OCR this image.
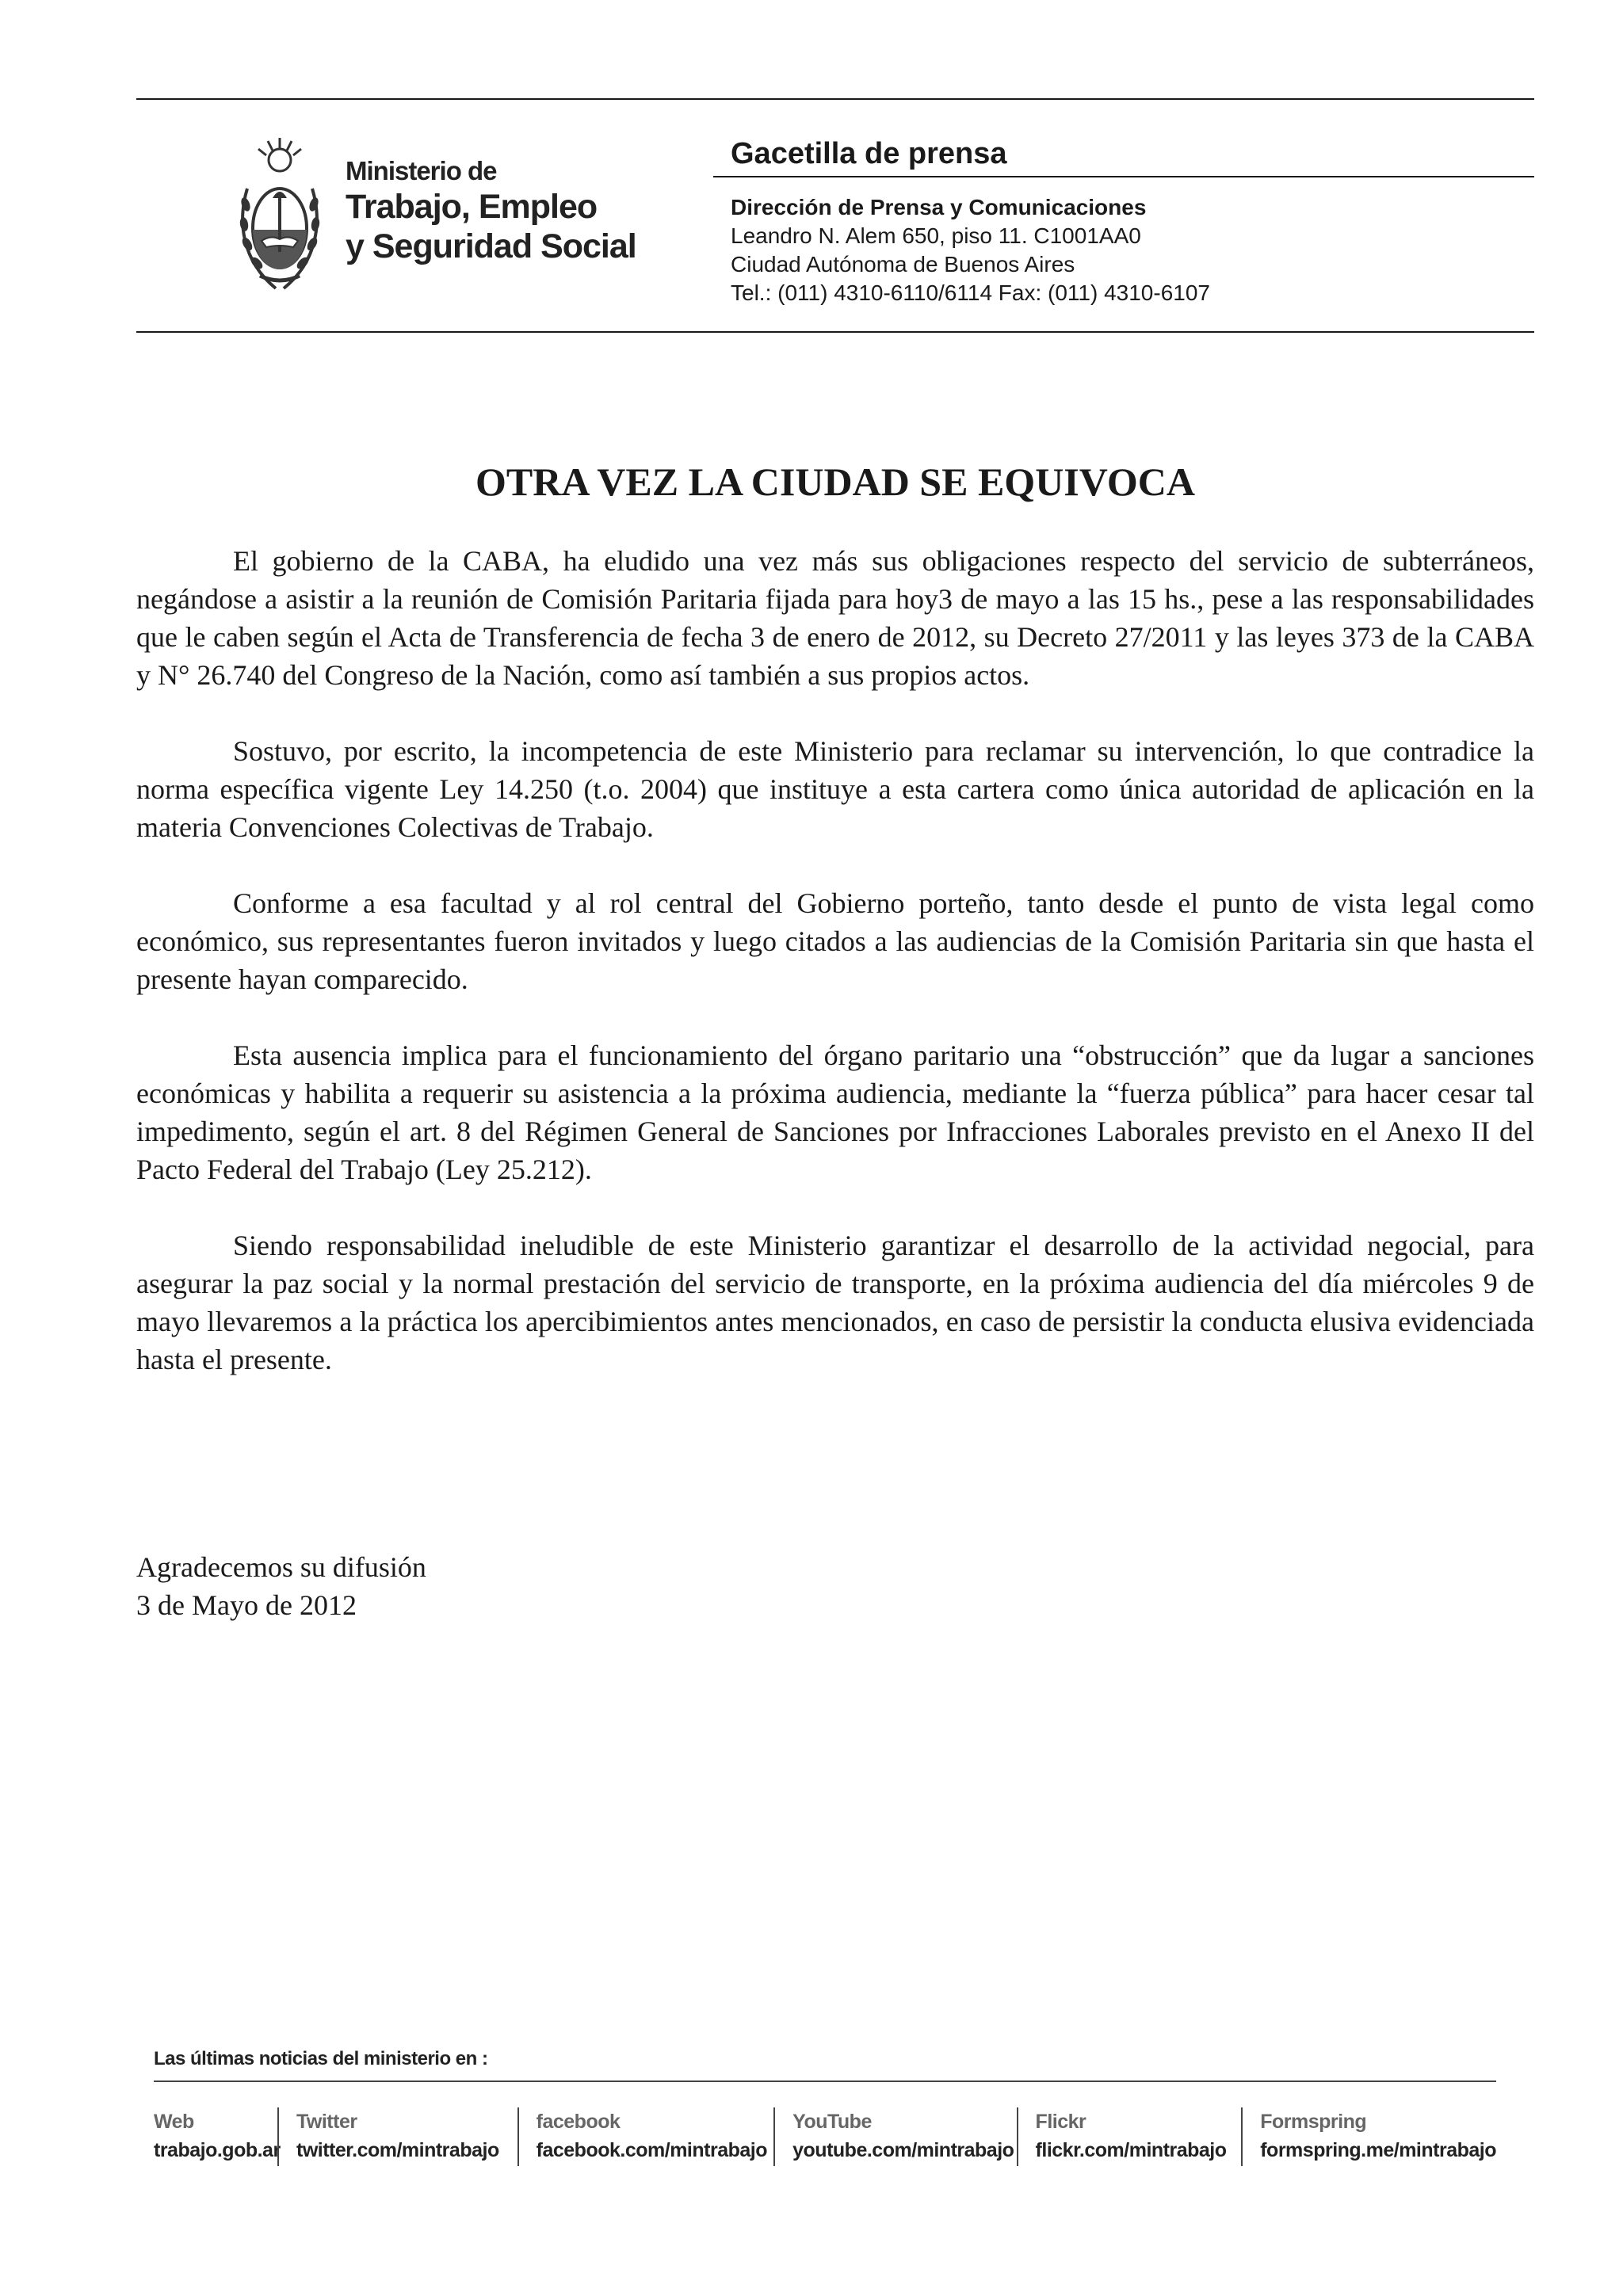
Ministerio de
Trabajo, Empleo
y Seguridad Social
Gacetilla de prensa
Dirección de Prensa y Comunicaciones
Leandro N. Alem 650, piso 11. C1001AA0
Ciudad Autónoma de Buenos Aires
Tel.: (011) 4310-6110/6114 Fax: (011) 4310-6107
OTRA VEZ LA CIUDAD SE EQUIVOCA

El gobierno de la CABA, ha eludido una vez más sus obligaciones respecto del servicio de subterráneos, negándose a asistir a la reunión de Comisión Paritaria fijada para hoy3 de mayo a las 15 hs., pese a las responsabilidades que le caben según el Acta de Transferencia de fecha 3 de enero de 2012, su Decreto 27/2011 y las leyes 373 de la CABA y N° 26.740 del Congreso de la Nación, como así también a sus propios actos.

Sostuvo, por escrito, la incompetencia de este Ministerio para reclamar su intervención, lo que contradice la norma específica vigente Ley 14.250 (t.o. 2004) que instituye a esta cartera como única autoridad de aplicación en la materia Convenciones Colectivas de Trabajo.

Conforme a esa facultad y al rol central del Gobierno porteño, tanto desde el punto de vista legal como económico, sus representantes fueron invitados y luego citados a las audiencias de la Comisión Paritaria sin que hasta el presente hayan comparecido.

Esta ausencia implica para el funcionamiento del órgano paritario una “obstrucción” que da lugar a sanciones económicas y habilita a requerir su asistencia a la próxima audiencia, mediante la “fuerza pública” para hacer cesar tal impedimento, según el art. 8 del Régimen General de Sanciones por Infracciones Laborales previsto en el Anexo II del Pacto Federal del Trabajo (Ley 25.212).

Siendo responsabilidad ineludible de este Ministerio garantizar el desarrollo de la actividad negocial, para asegurar la paz social y la normal prestación del servicio de transporte, en la próxima audiencia del día miércoles 9 de mayo llevaremos a la práctica los apercibimientos antes mencionados, en caso de persistir la conducta elusiva evidenciada hasta el presente.

Agradecemos su difusión
3 de Mayo de 2012
Las últimas noticias del ministerio en :
Web
trabajo.gob.ar
Twitter
twitter.com/mintrabajo
facebook
facebook.com/mintrabajo
YouTube
youtube.com/mintrabajo
Flickr
flickr.com/mintrabajo
Formspring
formspring.me/mintrabajo
